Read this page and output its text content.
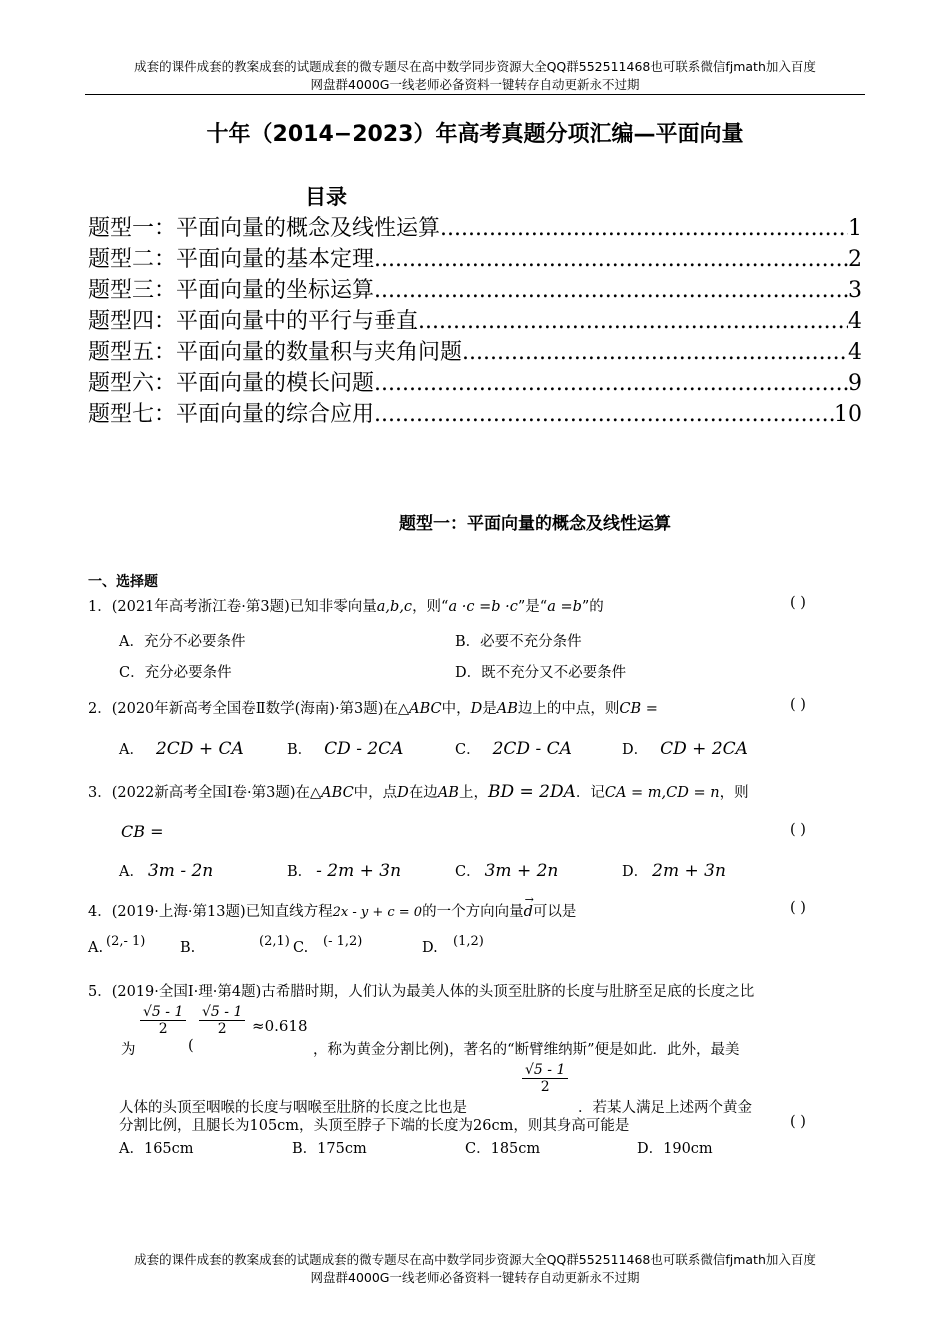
成套的课件成套的教案成套的试题成套的微专题尽在高中数学同步资源大全QQ群552511468也可联系微信fjmath加入百度
网盘群4000G一线老师必备资料一键转存自动更新永不过期
十年（2014−2023）年高考真题分项汇编—平面向量
目录
题型一：平面向量的概念及线性运算 .....	1
题型二：平面向量的基本定理 .....	2
题型三：平面向量的坐标运算 .....	3
题型四：平面向量中的平行与垂直 .....	4
题型五：平面向量的数量积与夹角问题 .....	4
题型六：平面向量的模长问题 .....	9
题型七：平面向量的综合应用 .....	10
题型一：平面向量的概念及线性运算
一、选择题
1．(2021年高考浙江卷·第3题)已知非零向量a,b,c，则“a ·c =b ·c”是“a =b”的	( )
A．充分不必要条件	B．必要不充分条件
C．充分必要条件	D．既不充分又不必要条件
2．(2020年新高考全国卷Ⅱ数学(海南)·第3题)在△ABC中，D是AB边上的中点，则CB =	( )
A． 2CD + CA	B． CD - 2CA	C． 2CD - CA	D． CD + 2CA
3．(2022新高考全国I卷·第3题)在△ABC中，点D在边AB上，BD = 2DA．记CA = m,CD = n，则
CB =	( )
A． 3m - 2n	B． - 2m + 3n	C． 3m + 2n	D． 2m + 3n
4．(2019·上海·第13题)已知直线方程2x - y + c = 0的一个方向向量
→
d可以是	( )
A. (2,- 1) B.	(2,1) C. (- 1,2)	D. (1,2)
5．(2019·全国Ⅰ·理·第4题)古希腊时期，人们认为最美人体的头顶至肚脐的长度与肚脐至足底的长度之比
为
$\frac{√5 - 1}{2}$
(
$\frac{√5 - 1}{2} \approx 0.618$
，称为黄金分割比例)，著名的“断臂维纳斯”便是如此．此外，最美
$\frac{√5 - 1}{2}$
人体的头顶至咽喉的长度与咽喉至肚脐的长度之比也是	．若某人满足上述两个黄金
分割比例，且腿长为105cm，头顶至脖子下端的长度为26cm，则其身高可能是	( )
A．165cm	B．175cm	C．185cm	D．190cm
成套的课件成套的教案成套的试题成套的微专题尽在高中数学同步资源大全QQ群552511468也可联系微信fjmath加入百度
网盘群4000G一线老师必备资料一键转存自动更新永不过期
